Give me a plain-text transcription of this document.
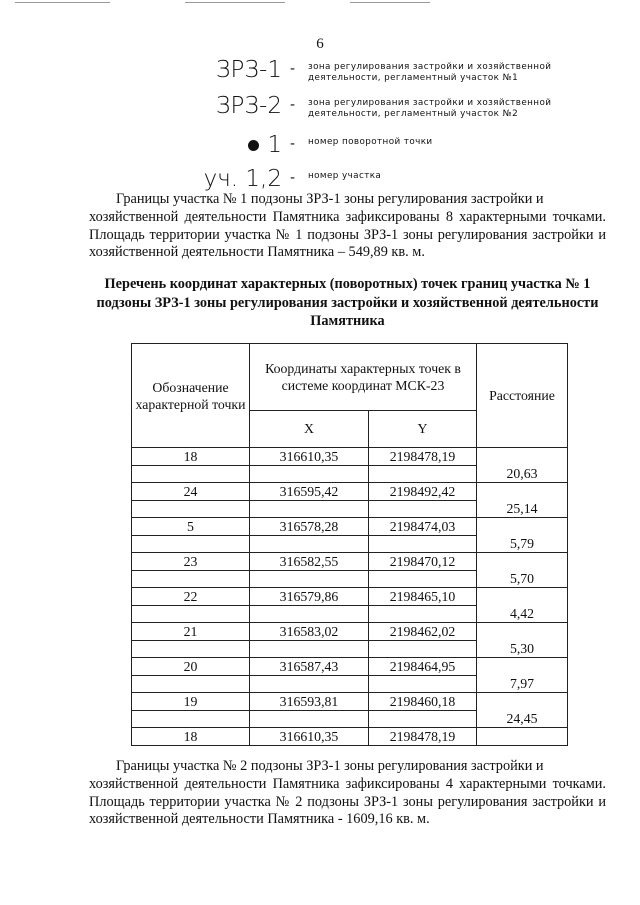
6
ЗРЗ-1 - зона регулирования застройки и хозяйственной деятельности, регламентный участок №1
ЗРЗ-2 - зона регулирования застройки и хозяйственной деятельности, регламентный участок №2
1 - номер поворотной точки
уч. 1,2 - номер участка

Границы участка № 1 подзоны ЗРЗ-1 зоны регулирования застройки и
хозяйственной деятельности Памятника зафиксированы 8 характерными точками. Площадь территории участка № 1 подзоны ЗРЗ-1 зоны регулирования застройки и хозяйственной деятельности Памятника – 549,89 кв. м.

Перечень координат характерных (поворотных) точек границ участка № 1 подзоны ЗРЗ-1 зоны регулирования застройки и хозяйственной деятельности Памятника

Обозначение характерной точки	Координаты характерных точек в системе координат МСК-23		Расстояние
	X	Y	
18	316610,35	2198478,19	20,63

24	316595,42	2198492,42	25,14

5	316578,28	2198474,03	5,79

23	316582,55	2198470,12	5,70

22	316579,86	2198465,10	4,42

21	316583,02	2198462,02	5,30

20	316587,43	2198464,95	7,97

19	316593,81	2198460,18	24,45

18	316610,35	2198478,19	

Границы участка № 2 подзоны ЗРЗ-1 зоны регулирования застройки и
хозяйственной деятельности Памятника зафиксированы 4 характерными точками. Площадь территории участка № 2 подзоны ЗРЗ-1 зоны регулирования застройки и хозяйственной деятельности Памятника - 1609,16 кв. м.
